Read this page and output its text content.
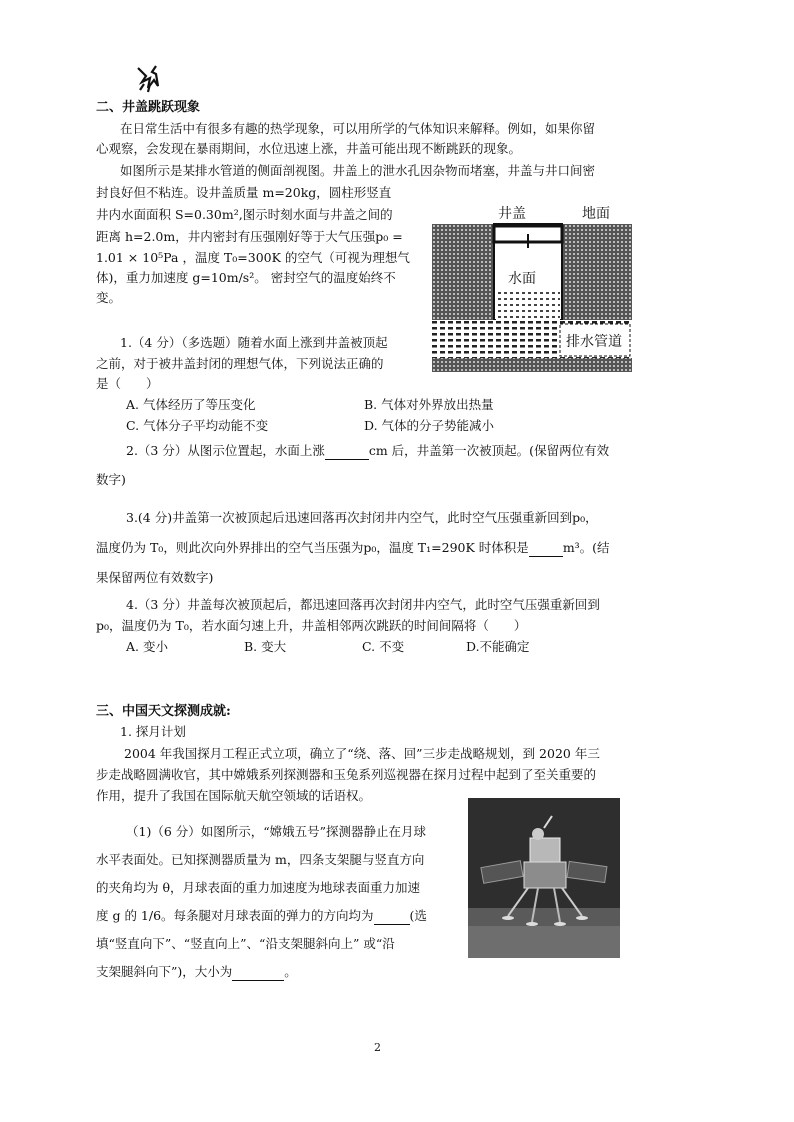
二、井盖跳跃现象
在日常生活中有很多有趣的热学现象，可以用所学的气体知识来解释。例如，如果你留
心观察，会发现在暴雨期间，水位迅速上涨，井盖可能出现不断跳跃的现象。
如图所示是某排水管道的侧面剖视图。井盖上的泄水孔因杂物而堵塞，井盖与井口间密
封良好但不粘连。设井盖质量 m=20kg，圆柱形竖直
井内水面面积 S=0.30m²,图示时刻水面与井盖之间的
距离 h=2.0m，井内密封有压强刚好等于大气压强p₀ =
1.01 × 10⁵Pa ，温度 T₀=300K 的空气（可视为理想气
体)，重力加速度 g=10m/s²。 密封空气的温度始终不
变。
井盖	地面
水面
排水管道
1.（4 分）（多选题）随着水面上涨到井盖被顶起
之前，对于被井盖封闭的理想气体，下列说法正确的
是（　　）
A. 气体经历了等压变化	B. 气体对外界放出热量
C. 气体分子平均动能不变	D. 气体的分子势能减小
2.（3 分）从图示位置起，水面上涨	cm 后，井盖第一次被顶起。(保留两位有效
数字)
3.(4 分)井盖第一次被顶起后迅速回落再次封闭井内空气，此时空气压强重新回到p₀，
温度仍为 T₀，则此次向外界排出的空气当压强为p₀，温度 T₁=290K 时体积是	m³。(结
果保留两位有效数字)
4.（3 分）井盖每次被顶起后，都迅速回落再次封闭井内空气，此时空气压强重新回到
p₀，温度仍为 T₀，若水面匀速上升，井盖相邻两次跳跃的时间间隔将（　　）
A. 变小	B. 变大	C. 不变	D.不能确定
三、中国天文探测成就:
1. 探月计划
2004 年我国探月工程正式立项，确立了“绕、落、回”三步走战略规划，到 2020 年三
步走战略圆满收官，其中嫦娥系列探测器和玉兔系列巡视器在探月过程中起到了至关重要的
作用，提升了我国在国际航天航空领域的话语权。
（1)（6 分）如图所示，“嫦娥五号”探测器静止在月球
水平表面处。已知探测器质量为 m，四条支架腿与竖直方向
的夹角均为 θ，月球表面的重力加速度为地球表面重力加速
度 g 的 1/6。每条腿对月球表面的弹力的方向均为	(选
填“竖直向下”、“竖直向上”、“沿支架腿斜向上” 或“沿
支架腿斜向下”)，大小为	。
2
